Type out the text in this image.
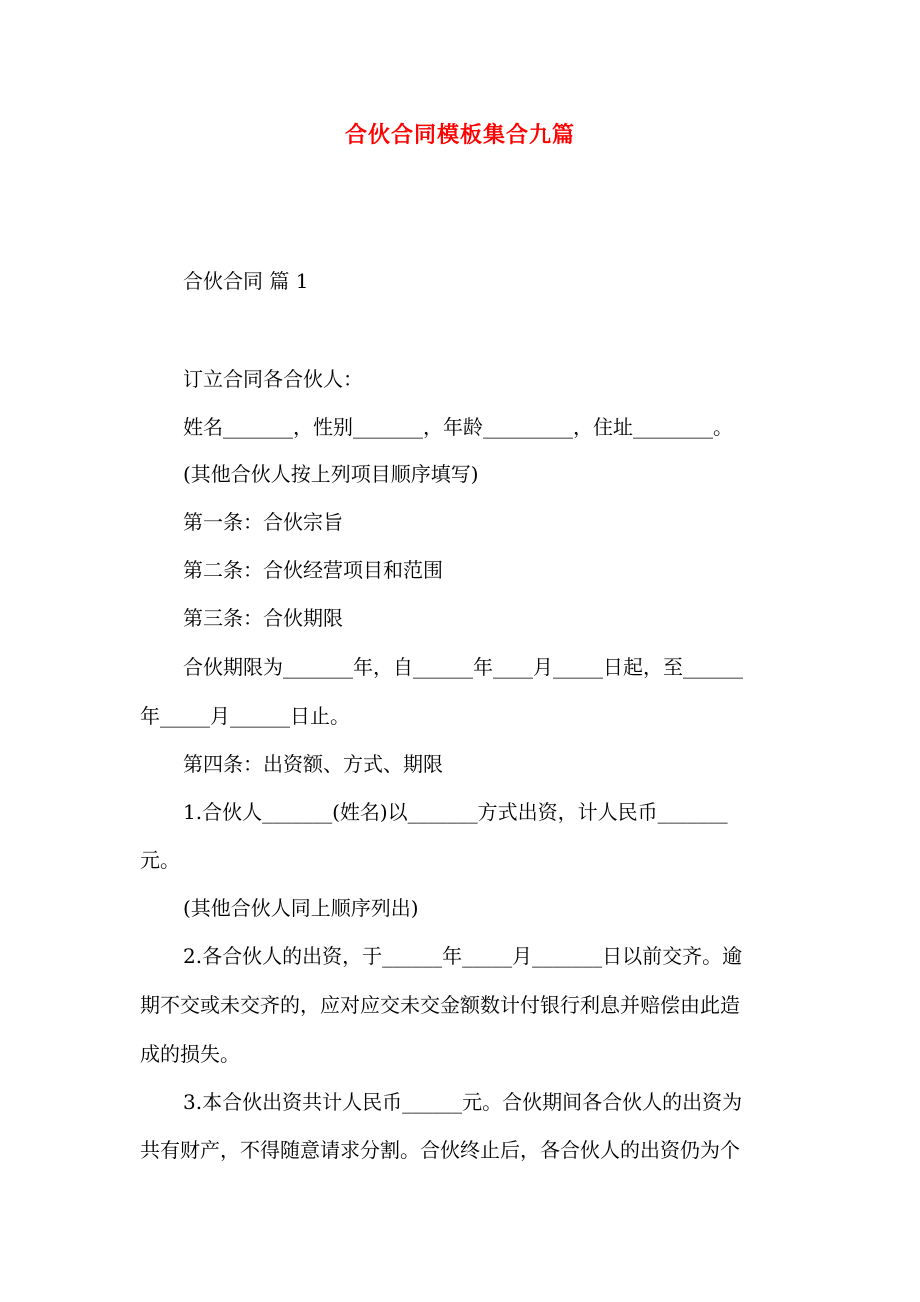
合伙合同模板集合九篇
合伙合同 篇 1
订立合同各合伙人：
姓名_______，性别_______，年龄_________，住址________。
(其他合伙人按上列项目顺序填写)
第一条：合伙宗旨
第二条：合伙经营项目和范围
第三条：合伙期限
合伙期限为_______年，自______年____月_____日起，至______
年_____月______日止。
第四条：出资额、方式、期限
1.合伙人_______(姓名)以_______方式出资，计人民币_______
元。
(其他合伙人同上顺序列出)
2.各合伙人的出资，于______年_____月_______日以前交齐。逾
期不交或未交齐的，应对应交未交金额数计付银行利息并赔偿由此造
成的损失。
3.本合伙出资共计人民币______元。合伙期间各合伙人的出资为
共有财产，不得随意请求分割。合伙终止后，各合伙人的出资仍为个
